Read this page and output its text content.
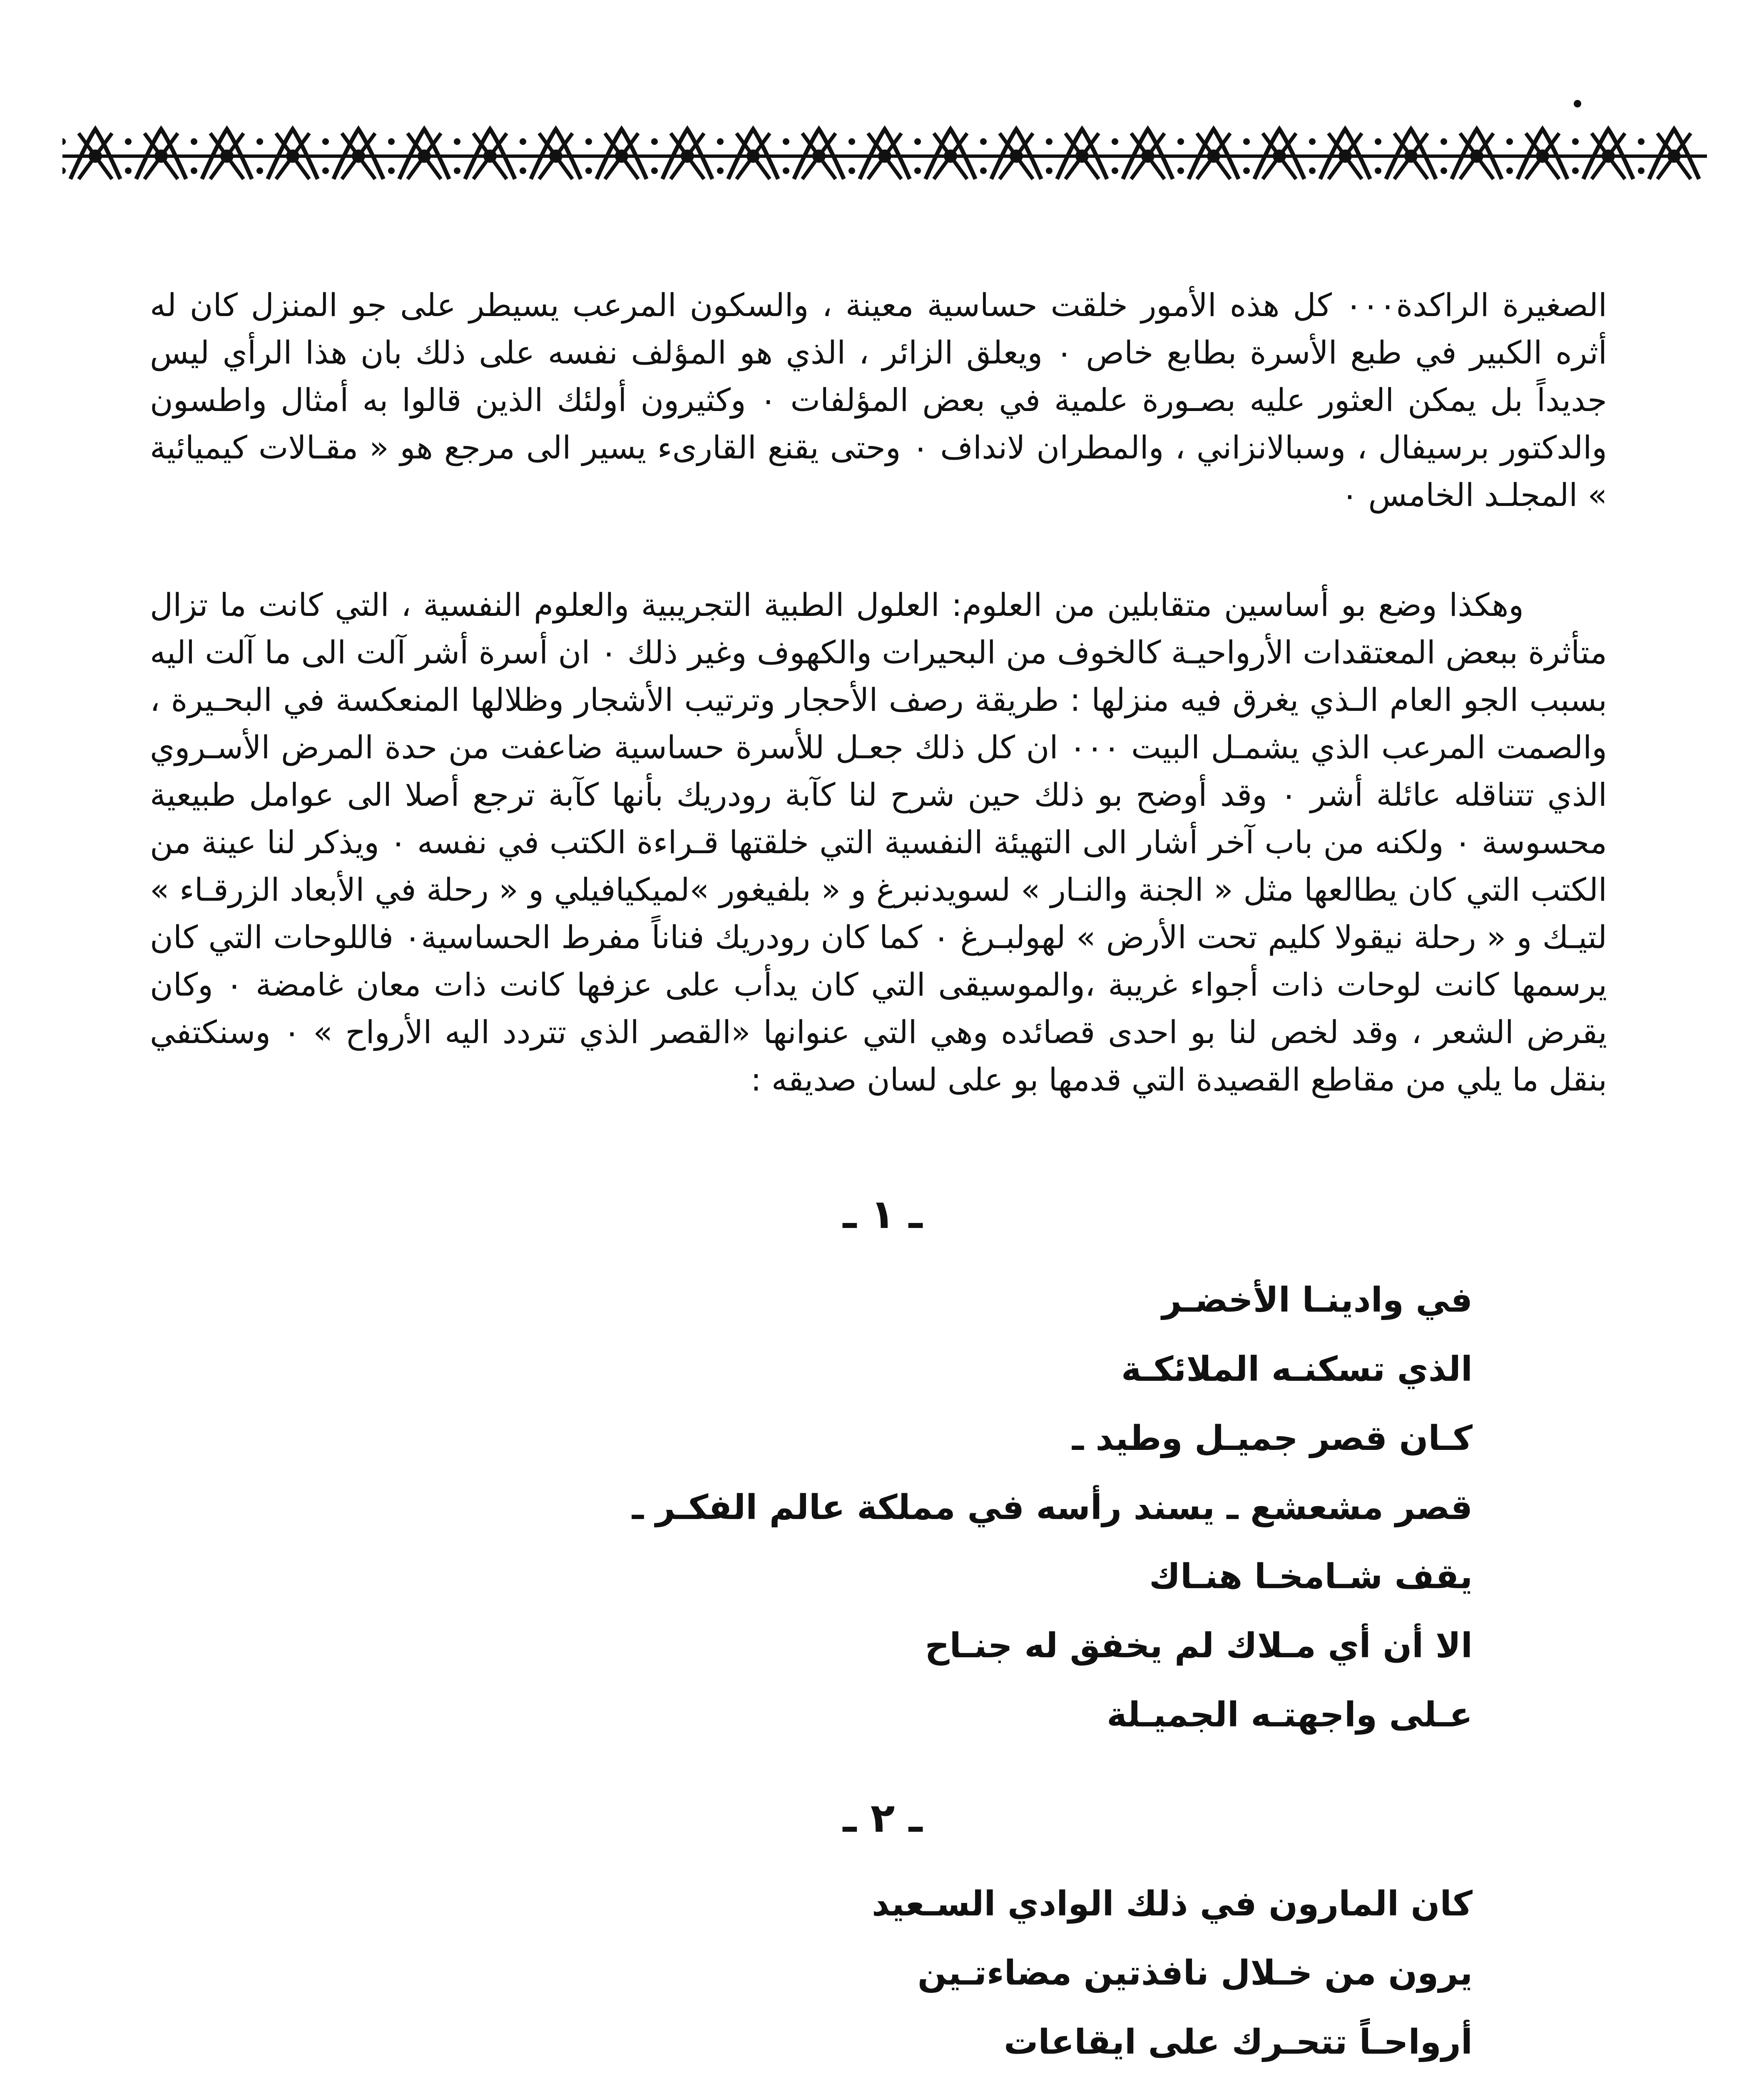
الصغيرة الراكدة٠٠٠ كل هذه الأمور خلقت حساسية معينة ، والسكون المرعب يسيطر على جو المنزل كان له أثره الكبير في طبع الأسرة بطابع خاص ٠ ويعلق الزائر ، الذي هو المؤلف نفسه على ذلك بان هذا الرأي ليس جديداً بل يمكن العثور عليه بصـورة علمية في بعض المؤلفات ٠ وكثيرون أولئك الذين قالوا به أمثال واطسون والدكتور برسيفال ، وسبالانزاني ، والمطران لانداف ٠ وحتى يقنع القارىء يسير الى مرجع هو « مقـالات كيميائية » المجلـد الخامس ٠

وهكذا وضع بو أساسين متقابلين من العلوم: العلول الطبية التجريبية والعلوم النفسية ، التي كانت ما تزال متأثرة ببعض المعتقدات الأرواحيـة كالخوف من البحيرات والكهوف وغير ذلك ٠ ان أسرة أشر آلت الى ما آلت اليه بسبب الجو العام الـذي يغرق فيه منزلها : طريقة رصف الأحجار وترتيب الأشجار وظلالها المنعكسة في البحـيرة ، والصمت المرعب الذي يشمـل البيت ٠٠٠ ان كل ذلك جعـل للأسرة حساسية ضاعفت من حدة المرض الأسـروي الذي تتناقله عائلة أشر ٠ وقد أوضح بو ذلك حين شرح لنا كآبة رودريك بأنها كآبة ترجع أصلا الى عوامل طبيعية محسوسة ٠ ولكنه من باب آخر أشار الى التهيئة النفسية التي خلقتها قـراءة الكتب في نفسه ٠ ويذكر لنا عينة من الكتب التي كان يطالعها مثل « الجنة والنـار » لسويدنبرغ و « بلفيغور »لميكيافيلي و « رحلة في الأبعاد الزرقـاء » لتيـك و « رحلة نيقولا كليم تحت الأرض » لهولبـرغ ٠ كما كان رودريك فناناً مفرط الحساسية٠ فاللوحات التي كان يرسمها كانت لوحات ذات أجواء غريبة ،والموسيقى التي كان يدأب على عزفها كانت ذات معان غامضة ٠ وكان يقرض الشعر ، وقد لخص لنا بو احدى قصائده وهي التي عنوانها «القصر الذي تتردد اليه الأرواح » ٠ وسنكتفي بنقل ما يلي من مقاطع القصيدة التي قدمها بو على لسان صديقه :

ـ ١ ـ
في وادينـا الأخضـر
الذي تسكنـه الملائكـة
كـان قصر جميـل وطيد ـ
قصر مشعشع ـ يسند رأسه في مملكة عالم الفكـر ـ
يقف شـامخـا هنـاك
الا أن أي مـلاك لم يخفق له جنـاح
عـلى واجهتـه الجميـلة
ـ ٢ ـ
كان المارون في ذلك الوادي السـعيد
يرون من خـلال نافذتين مضاءتـين
أرواحـاً تتحـرك على ايقاعات
